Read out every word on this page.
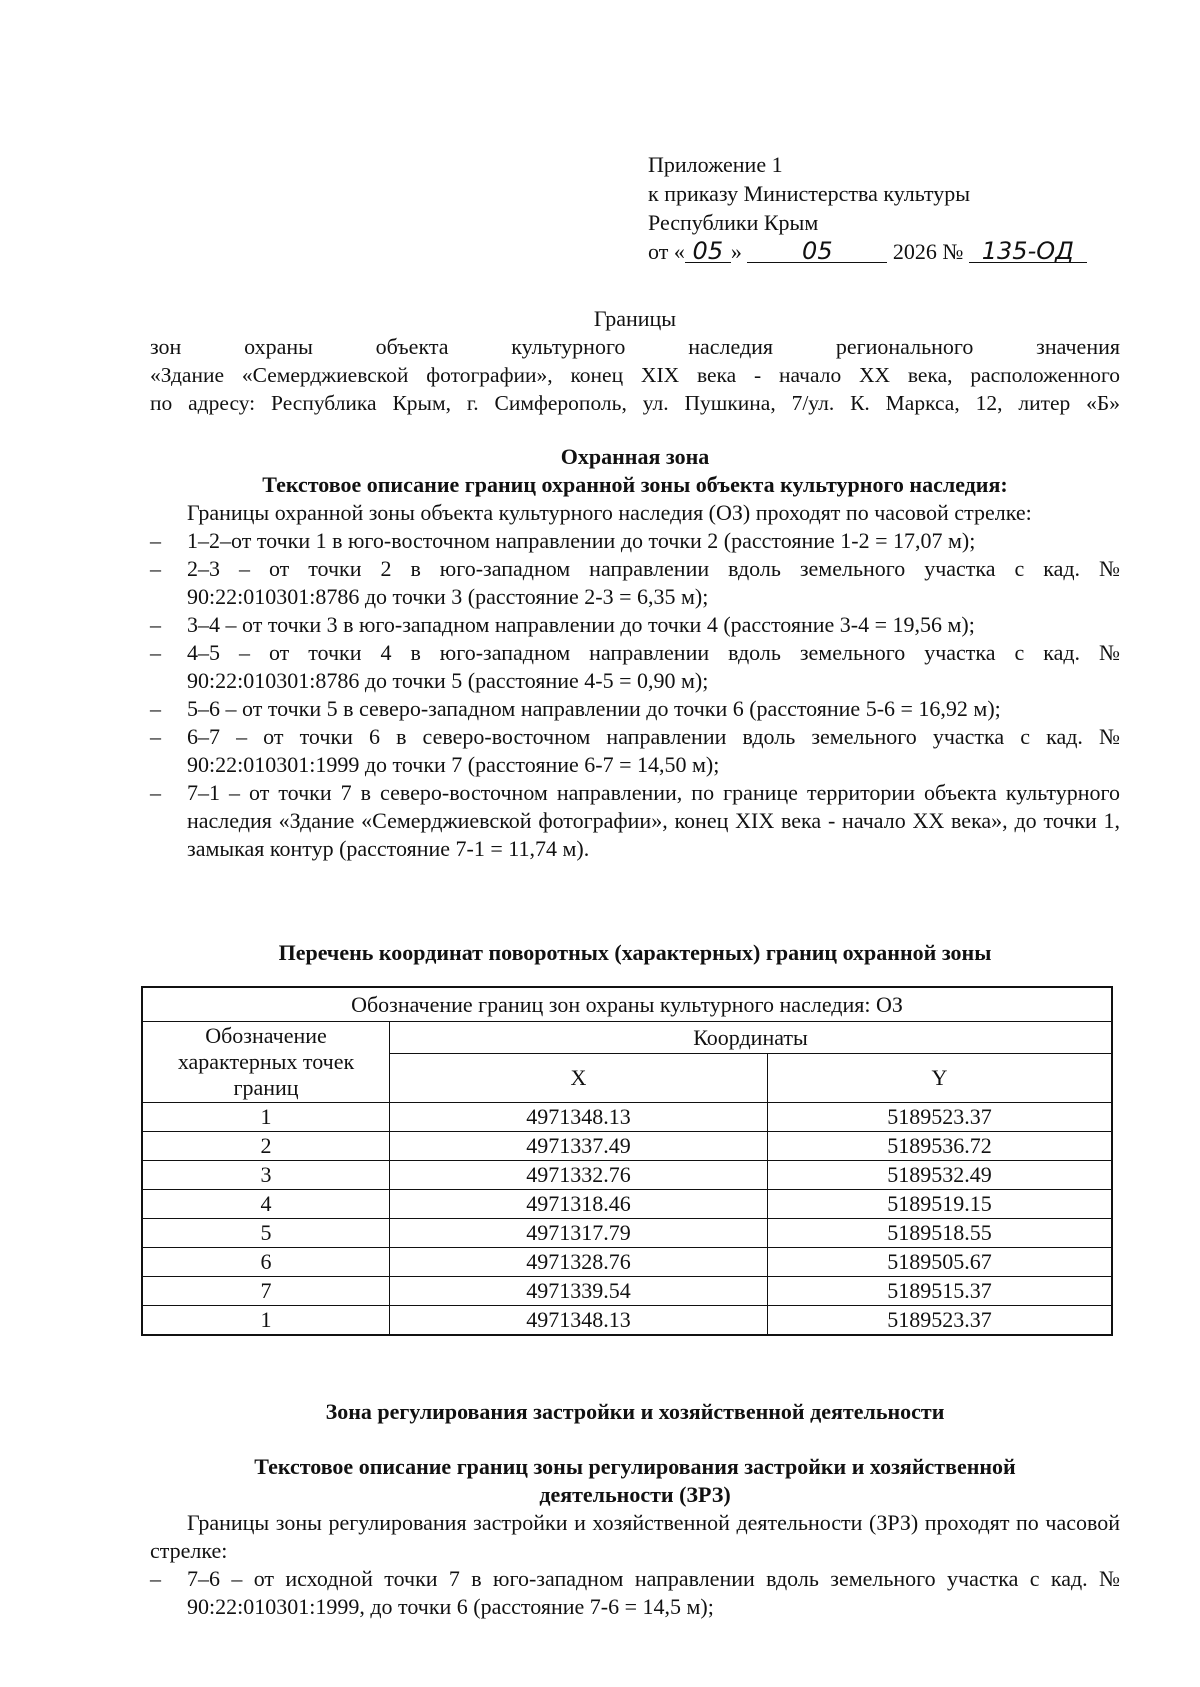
Приложение 1
к приказу Министерства культуры
Республики Крым
от « 05 »	05	2026 № 135-ОД
Границы
зон охраны объекта культурного наследия регионального значения
«Здание «Семерджиевской фотографии», конец XIX века - начало XX века, расположенного
по адресу: Республика Крым, г. Симферополь, ул. Пушкина, 7/ул. К. Маркса, 12, литер «Б»
Охранная зона
Текстовое описание границ охранной зоны объекта культурного наследия:
Границы охранной зоны объекта культурного наследия (ОЗ) проходят по часовой стрелке:
– 1–2–от точки 1 в юго-восточном направлении до точки 2 (расстояние 1-2 = 17,07 м);
– 2–3 – от точки 2 в юго-западном направлении вдоль земельного участка с кад. № 90:22:010301:8786 до точки 3 (расстояние 2-3 = 6,35 м);
– 3–4 – от точки 3 в юго-западном направлении до точки 4 (расстояние 3-4 = 19,56 м);
– 4–5 – от точки 4 в юго-западном направлении вдоль земельного участка с кад. № 90:22:010301:8786 до точки 5 (расстояние 4-5 = 0,90 м);
– 5–6 – от точки 5 в северо-западном направлении до точки 6 (расстояние 5-6 = 16,92 м);
– 6–7 – от точки 6 в северо-восточном направлении вдоль земельного участка с кад. № 90:22:010301:1999 до точки 7 (расстояние 6-7 = 14,50 м);
– 7–1 – от точки 7 в северо-восточном направлении, по границе территории объекта культурного наследия «Здание «Семерджиевской фотографии», конец XIX века - начало XX века», до точки 1, замыкая контур (расстояние 7-1 = 11,74 м).
Перечень координат поворотных (характерных) границ охранной зоны
Обозначение границ зон охраны культурного наследия: ОЗ		
Обозначение характерных точек границ	Координаты	
	X	Y
1	4971348.13	5189523.37
2	4971337.49	5189536.72
3	4971332.76	5189532.49
4	4971318.46	5189519.15
5	4971317.79	5189518.55
6	4971328.76	5189505.67
7	4971339.54	5189515.37
1	4971348.13	5189523.37
Зона регулирования застройки и хозяйственной деятельности
Текстовое описание границ зоны регулирования застройки и хозяйственной
деятельности (ЗРЗ)
Границы зоны регулирования застройки и хозяйственной деятельности (ЗРЗ) проходят по часовой стрелке:
– 7–6 – от исходной точки 7 в юго-западном направлении вдоль земельного участка с кад. № 90:22:010301:1999, до точки 6 (расстояние 7-6 = 14,5 м);
